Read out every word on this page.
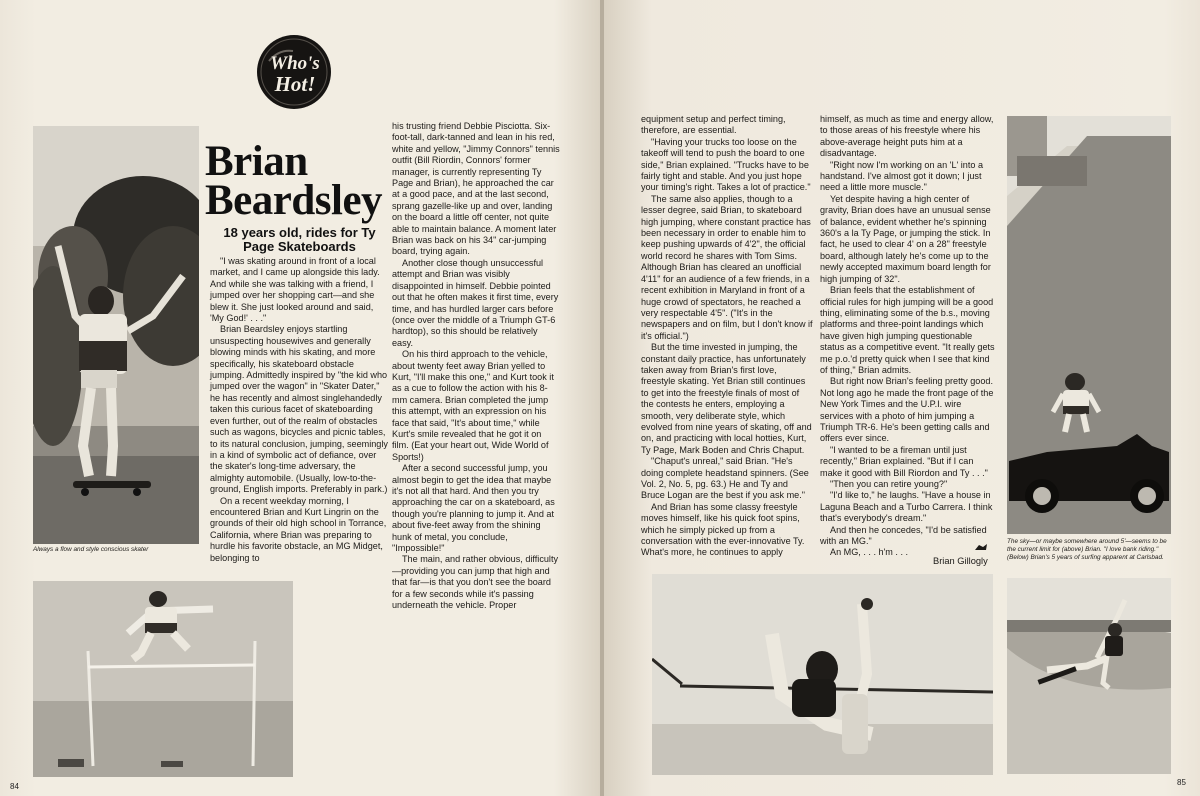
Who's
Hot!
Always a flow and style conscious skater
Brian
Beardsley
18 years old, rides for Ty Page Skateboards

"I was skating around in front of a local market, and I came up alongside this lady. And while she was talking with a friend, I jumped over her shopping cart—and she blew it. She just looked around and said, 'My God!' . . ."

Brian Beardsley enjoys startling unsuspecting housewives and generally blowing minds with his skating, and more specifically, his skateboard obstacle jumping. Admittedly inspired by "the kid who jumped over the wagon" in "Skater Dater," he has recently and almost singlehandedly taken this curious facet of skateboarding even further, out of the realm of obstacles such as wagons, bicycles and picnic tables, to its natural conclusion, jumping, seemingly in a kind of symbolic act of defiance, over the skater's long-time adversary, the almighty automobile. (Usually, low-to-the-ground, English imports. Preferably in park.)

On a recent weekday morning, I encountered Brian and Kurt Lingrin on the grounds of their old high school in Torrance, California, where Brian was preparing to hurdle his favorite obstacle, an MG Midget, belonging to

his trusting friend Debbie Pisciotta. Six-foot-tall, dark-tanned and lean in his red, white and yellow, "Jimmy Connors" tennis outfit (Bill Riordin, Connors' former manager, is currently representing Ty Page and Brian), he approached the car at a good pace, and at the last second, sprang gazelle-like up and over, landing on the board a little off center, not quite able to maintain balance. A moment later Brian was back on his 34" car-jumping board, trying again.

Another close though unsuccessful attempt and Brian was visibly disappointed in himself. Debbie pointed out that he often makes it first time, every time, and has hurdled larger cars before (once over the middle of a Triumph GT-6 hardtop), so this should be relatively easy.

On his third approach to the vehicle, about twenty feet away Brian yelled to Kurt, "I'll make this one," and Kurt took it as a cue to follow the action with his 8-mm camera. Brian completed the jump this attempt, with an expression on his face that said, "It's about time," while Kurt's smile revealed that he got it on film. (Eat your heart out, Wide World of Sports!)

After a second successful jump, you almost begin to get the idea that maybe it's not all that hard. And then you try approaching the car on a skateboard, as though you're planning to jump it. And at about five-feet away from the shining hunk of metal, you conclude, "Impossible!"

The main, and rather obvious, difficulty—providing you can jump that high and that far—is that you don't see the board for a few seconds while it's passing underneath the vehicle. Proper

84

equipment setup and perfect timing, therefore, are essential.

"Having your trucks too loose on the takeoff will tend to push the board to one side," Brian explained. "Trucks have to be fairly tight and stable. And you just hope your timing's right. Takes a lot of practice."

The same also applies, though to a lesser degree, said Brian, to skateboard high jumping, where constant practice has been necessary in order to enable him to keep pushing upwards of 4'2", the official world record he shares with Tom Sims. Although Brian has cleared an unofficial 4'11" for an audience of a few friends, in a recent exhibition in Maryland in front of a huge crowd of spectators, he reached a very respectable 4'5". ("It's in the newspapers and on film, but I don't know if it's official.")

But the time invested in jumping, the constant daily practice, has unfortunately taken away from Brian's first love, freestyle skating. Yet Brian still continues to get into the freestyle finals of most of the contests he enters, employing a smooth, very deliberate style, which evolved from nine years of skating, off and on, and practicing with local hotties, Kurt, Ty Page, Mark Boden and Chris Chaput.

"Chaput's unreal," said Brian. "He's doing complete headstand spinners. (See Vol. 2, No. 5, pg. 63.) He and Ty and Bruce Logan are the best if you ask me."

And Brian has some classy freestyle moves himself, like his quick foot spins, which he simply picked up from a conversation with the ever-innovative Ty. What's more, he continues to apply

himself, as much as time and energy allow, to those areas of his freestyle where his above-average height puts him at a disadvantage.

"Right now I'm working on an 'L' into a handstand. I've almost got it down; I just need a little more muscle."

Yet despite having a high center of gravity, Brian does have an unusual sense of balance, evident whether he's spinning 360's a la Ty Page, or jumping the stick. In fact, he used to clear 4' on a 28" freestyle board, although lately he's come up to the newly accepted maximum board length for high jumping of 32".

Brian feels that the establishment of official rules for high jumping will be a good thing, eliminating some of the b.s., moving platforms and three-point landings which have given high jumping questionable status as a competitive event. "It really gets me p.o.'d pretty quick when I see that kind of thing," Brian admits.

But right now Brian's feeling pretty good. Not long ago he made the front page of the New York Times and the U.P.I. wire services with a photo of him jumping a Triumph TR-6. He's been getting calls and offers ever since.

"I wanted to be a fireman until just recently," Brian explained. "But if I can make it good with Bill Riordon and Ty . . ."

"Then you can retire young?"

"I'd like to," he laughs. "Have a house in Laguna Beach and a Turbo Carrera. I think that's everybody's dream."

And then he concedes, "I'd be satisfied with an MG."

An MG, . . . h'm . . .

Brian Gillogly
The sky—or maybe somewhere around 5'—seems to be
the current limit for (above) Brian. "I love bank riding."
(Below) Brian's 5 years of surfing apparent at Carlsbad.
85
